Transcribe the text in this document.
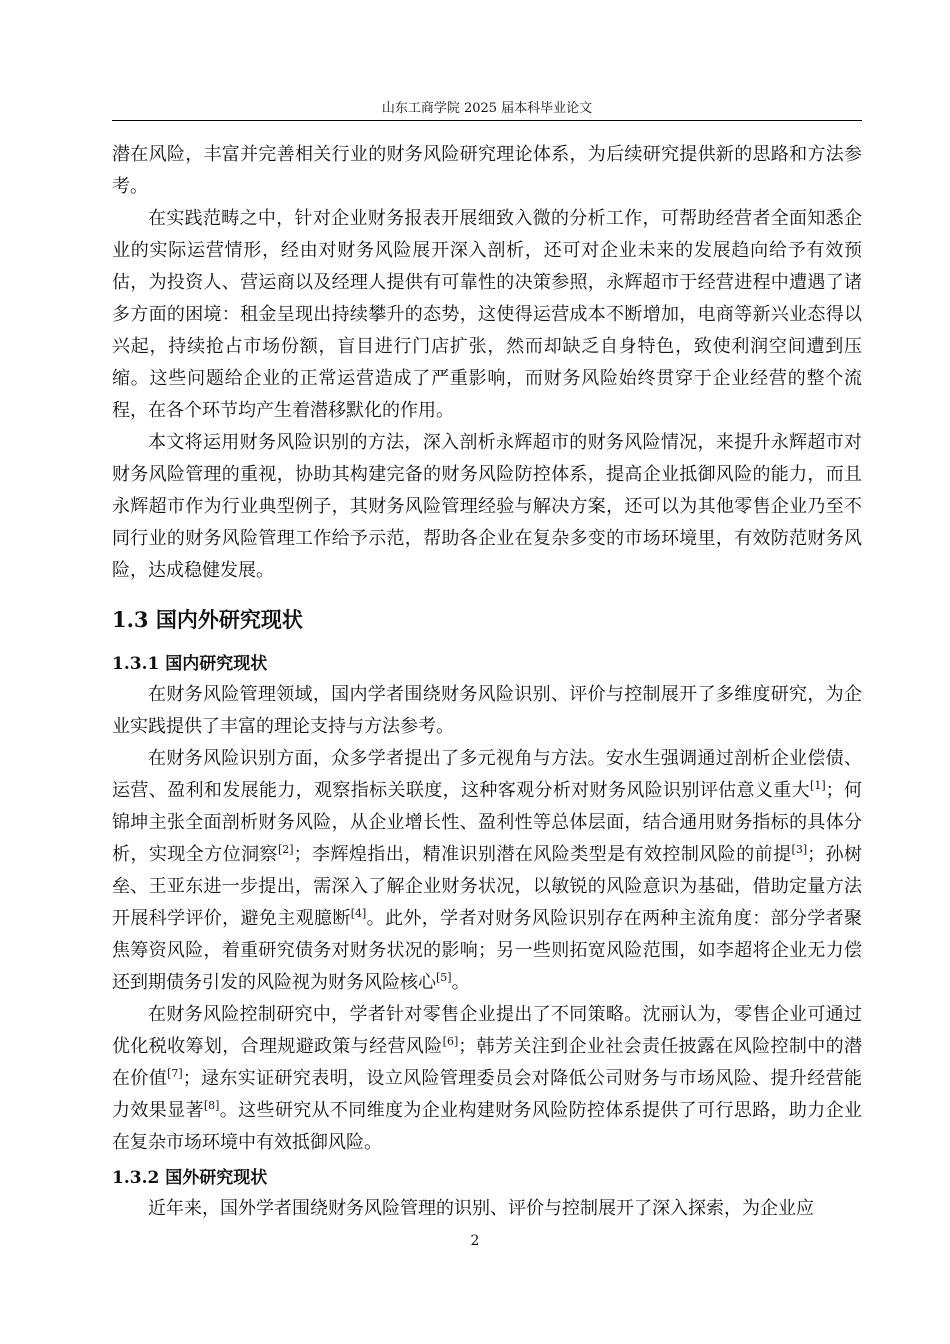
山东工商学院 2025 届本科毕业论文

潜在风险，丰富并完善相关行业的财务风险研究理论体系，为后续研究提供新的思路和方法参考。

在实践范畴之中，针对企业财务报表开展细致入微的分析工作，可帮助经营者全面知悉企业的实际运营情形，经由对财务风险展开深入剖析，还可对企业未来的发展趋向给予有效预估，为投资人、营运商以及经理人提供有可靠性的决策参照，永辉超市于经营进程中遭遇了诸多方面的困境：租金呈现出持续攀升的态势，这使得运营成本不断增加，电商等新兴业态得以兴起，持续抢占市场份额，盲目进行门店扩张，然而却缺乏自身特色，致使利润空间遭到压缩。这些问题给企业的正常运营造成了严重影响，而财务风险始终贯穿于企业经营的整个流程，在各个环节均产生着潜移默化的作用。

本文将运用财务风险识别的方法，深入剖析永辉超市的财务风险情况，来提升永辉超市对财务风险管理的重视，协助其构建完备的财务风险防控体系，提高企业抵御风险的能力，而且永辉超市作为行业典型例子，其财务风险管理经验与解决方案，还可以为其他零售企业乃至不同行业的财务风险管理工作给予示范，帮助各企业在复杂多变的市场环境里，有效防范财务风险，达成稳健发展。

1.3 国内外研究现状
1.3.1 国内研究现状

在财务风险管理领域，国内学者围绕财务风险识别、评价与控制展开了多维度研究，为企业实践提供了丰富的理论支持与方法参考。

在财务风险识别方面，众多学者提出了多元视角与方法。安水生强调通过剖析企业偿债、运营、盈利和发展能力，观察指标关联度，这种客观分析对财务风险识别评估意义重大[1]；何锦坤主张全面剖析财务风险，从企业增长性、盈利性等总体层面，结合通用财务指标的具体分析，实现全方位洞察[2]；李辉煌指出，精准识别潜在风险类型是有效控制风险的前提[3]；孙树垒、王亚东进一步提出，需深入了解企业财务状况，以敏锐的风险意识为基础，借助定量方法开展科学评价，避免主观臆断[4]。此外，学者对财务风险识别存在两种主流角度：部分学者聚焦筹资风险，着重研究债务对财务状况的影响；另一些则拓宽风险范围，如李超将企业无力偿还到期债务引发的风险视为财务风险核心[5]。

在财务风险控制研究中，学者针对零售企业提出了不同策略。沈丽认为，零售企业可通过优化税收筹划，合理规避政策与经营风险[6]；韩芳关注到企业社会责任披露在风险控制中的潜在价值[7]；逯东实证研究表明，设立风险管理委员会对降低公司财务与市场风险、提升经营能力效果显著[8]。这些研究从不同维度为企业构建财务风险防控体系提供了可行思路，助力企业在复杂市场环境中有效抵御风险。

1.3.2 国外研究现状

近年来，国外学者围绕财务风险管理的识别、评价与控制展开了深入探索，为企业应

2
